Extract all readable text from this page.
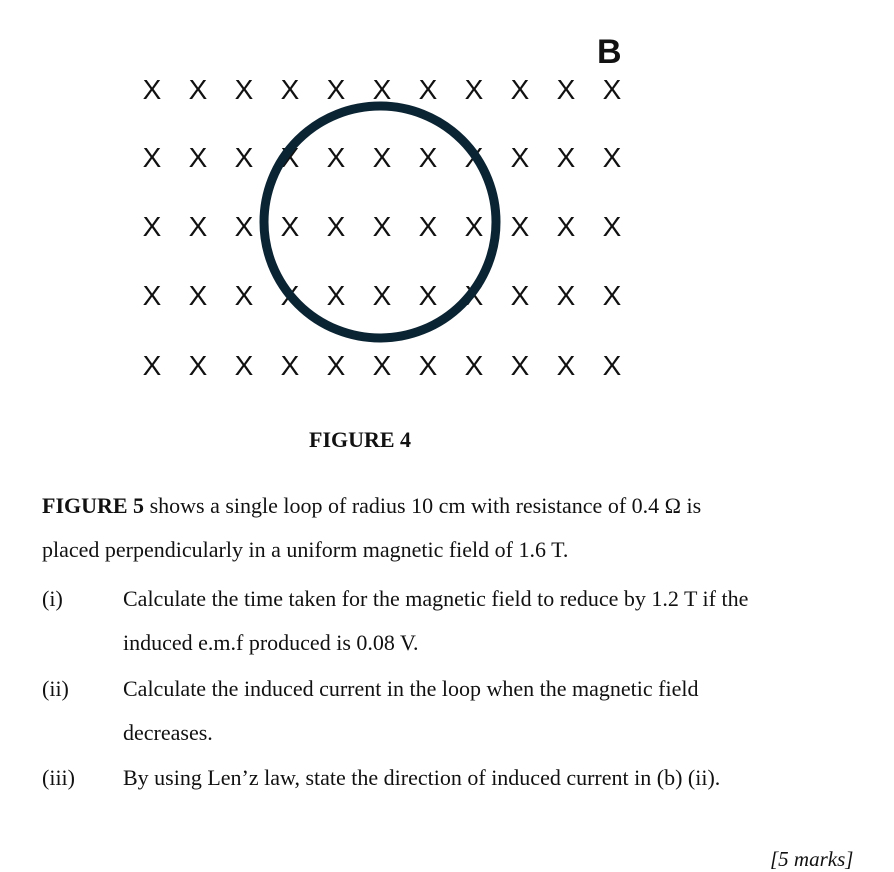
X X X X X X X X X X X
X X X X X X X X X X X
X X X X X X X X X X X
X X X X X X X X X X X
X X X X X X X X X X X
B
FIGURE 4
FIGURE 5 shows a single loop of radius 10 cm with resistance of 0.4 Ω is
placed perpendicularly in a uniform magnetic field of 1.6 T.
(i)	Calculate the time taken for the magnetic field to reduce by 1.2 T if the
induced e.m.f produced is 0.08 V.
(ii) Calculate the induced current in the loop when the magnetic field
decreases.
(iii) By using Len’z law, state the direction of induced current in (b) (ii).
[5 marks]
